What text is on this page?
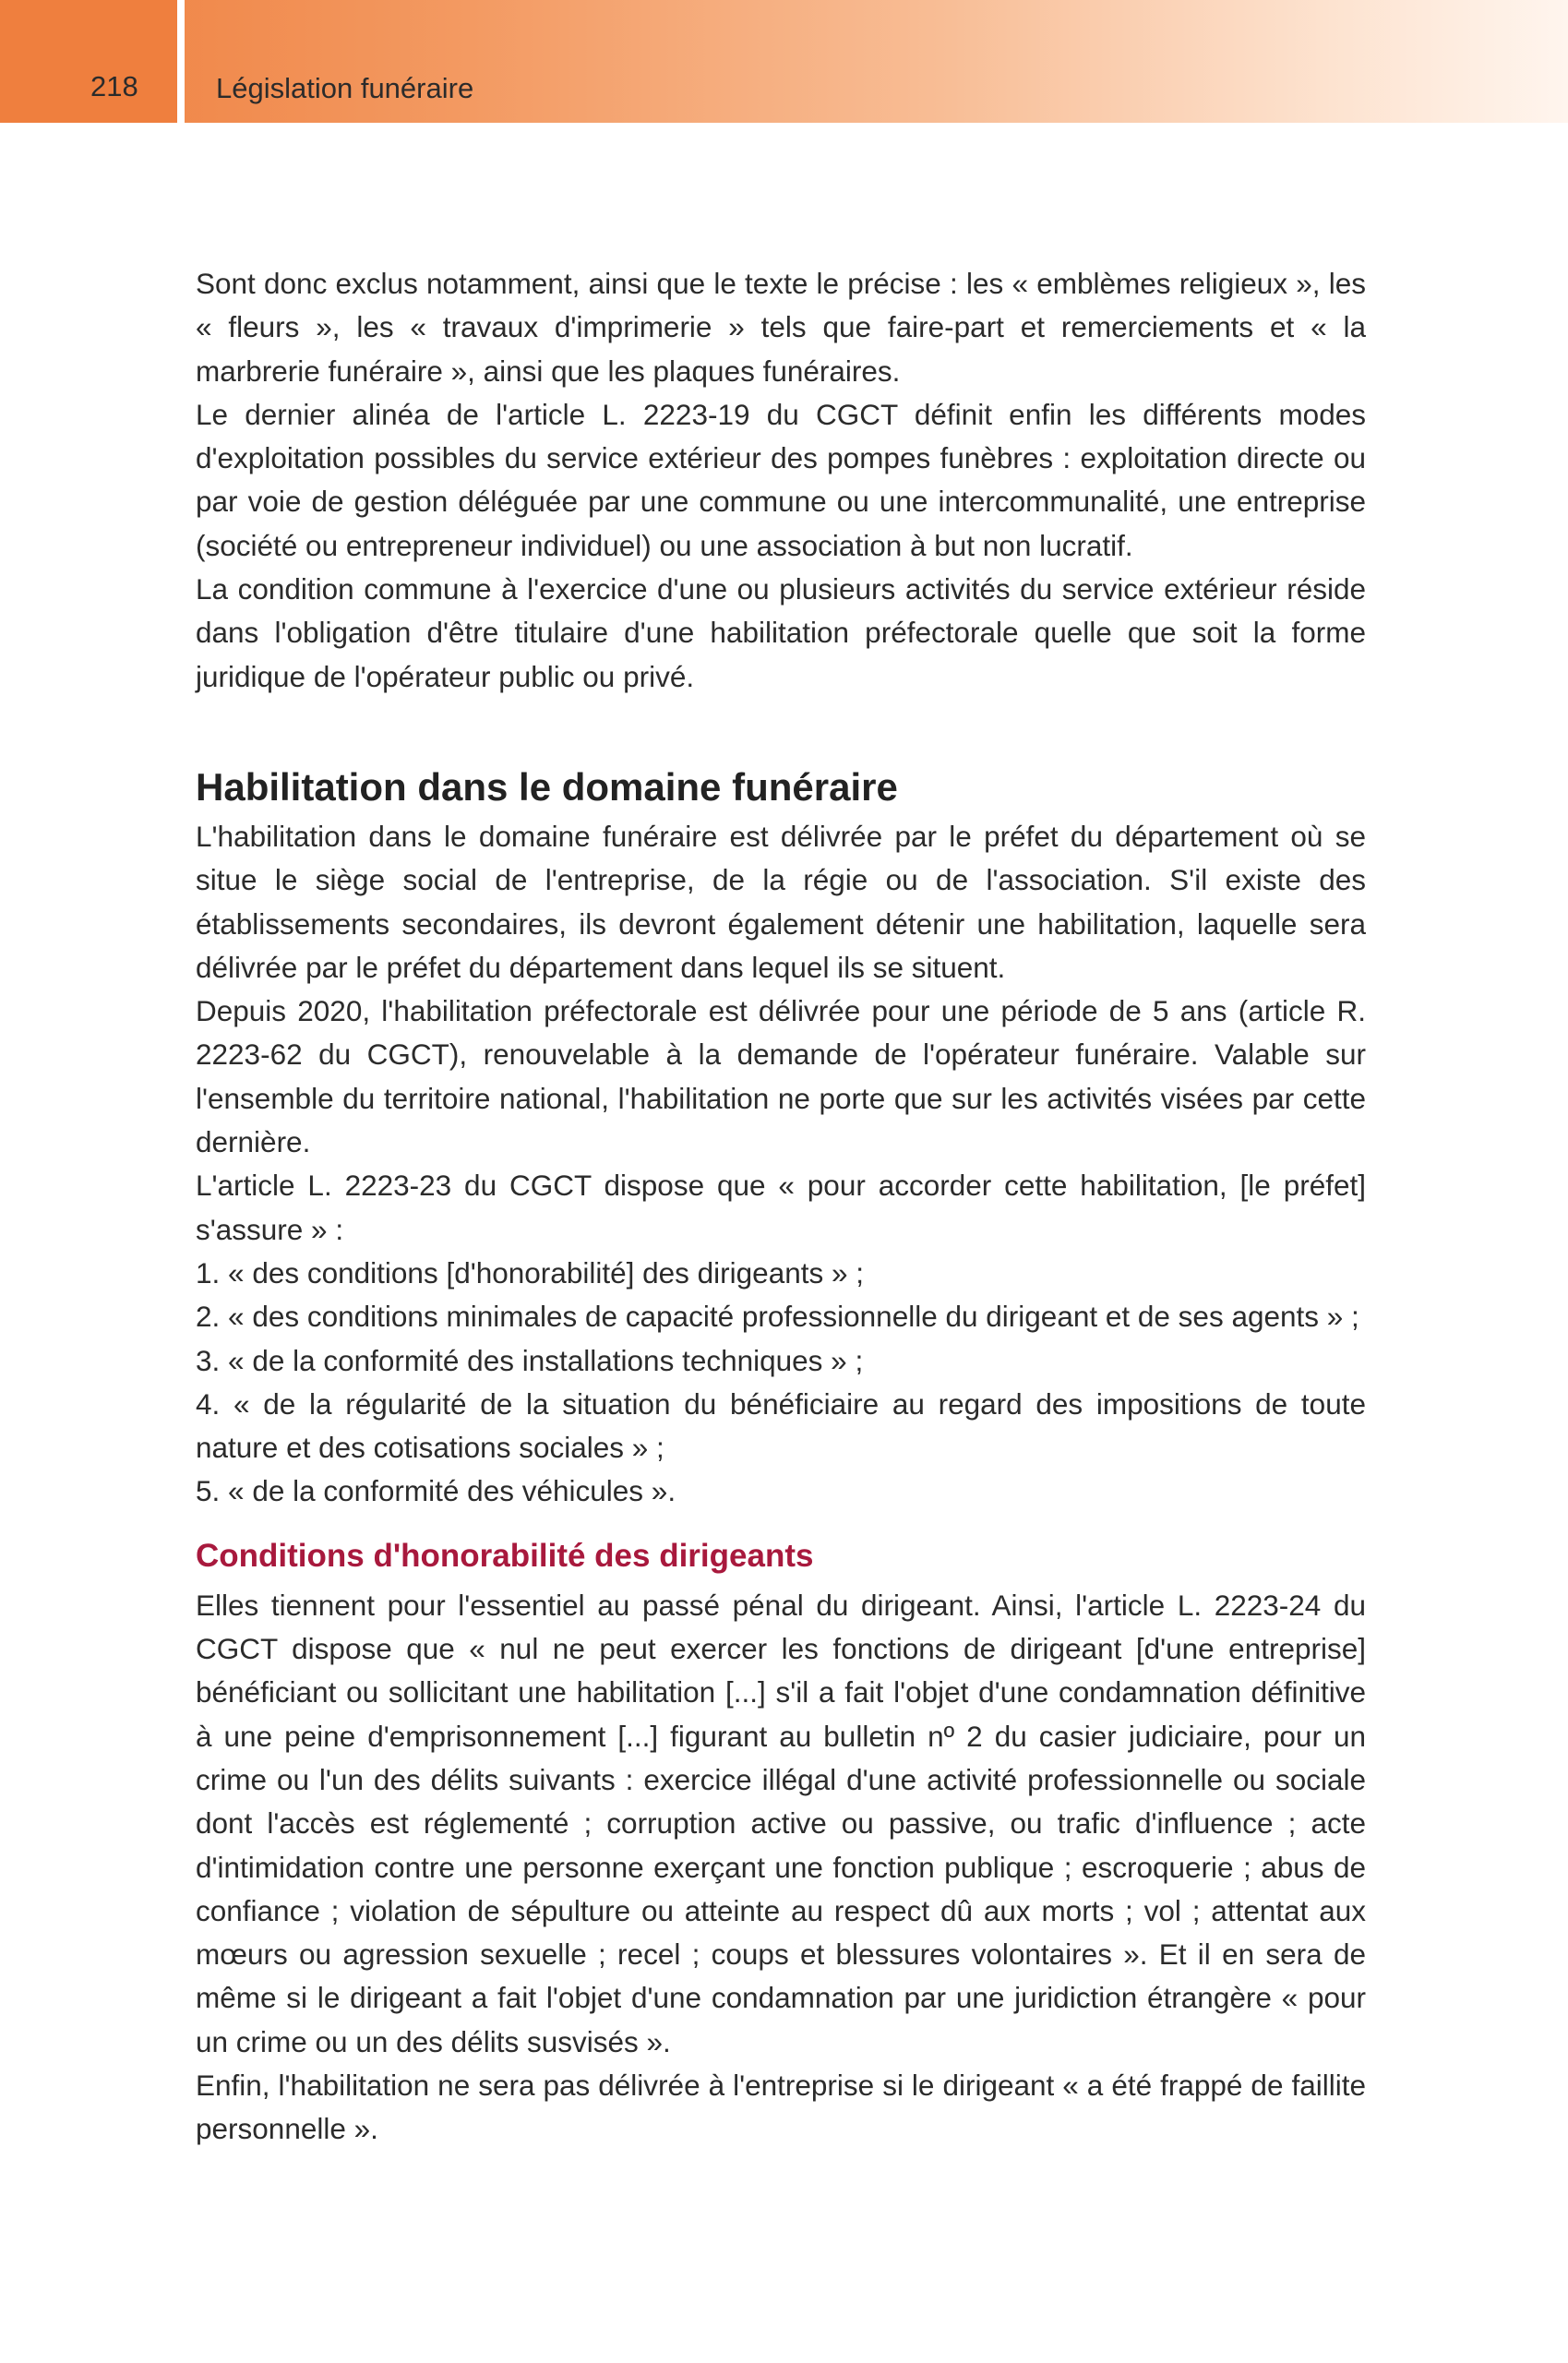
218	Législation funéraire

Sont donc exclus notamment, ainsi que le texte le précise : les « emblèmes religieux », les « fleurs », les « travaux d'imprimerie » tels que faire-part et remerciements et « la marbrerie funéraire », ainsi que les plaques funéraires.

Le dernier alinéa de l'article L. 2223-19 du CGCT définit enfin les différents modes d'exploitation possibles du service extérieur des pompes funèbres : exploitation directe ou par voie de gestion déléguée par une commune ou une intercommunalité, une entreprise (société ou entrepreneur individuel) ou une association à but non lucratif.

La condition commune à l'exercice d'une ou plusieurs activités du service extérieur réside dans l'obligation d'être titulaire d'une habilitation préfectorale quelle que soit la forme juridique de l'opérateur public ou privé.

Habilitation dans le domaine funéraire

L'habilitation dans le domaine funéraire est délivrée par le préfet du département où se situe le siège social de l'entreprise, de la régie ou de l'association. S'il existe des établissements secondaires, ils devront également détenir une habilitation, laquelle sera délivrée par le préfet du département dans lequel ils se situent.

Depuis 2020, l'habilitation préfectorale est délivrée pour une période de 5 ans (article R. 2223-62 du CGCT), renouvelable à la demande de l'opérateur funéraire. Valable sur l'ensemble du territoire national, l'habilitation ne porte que sur les activités visées par cette dernière.

L'article L. 2223-23 du CGCT dispose que « pour accorder cette habilitation, [le préfet] s'assure » :

1. « des conditions [d'honorabilité] des dirigeants » ;
2. « des conditions minimales de capacité professionnelle du dirigeant et de ses agents » ;
3. « de la conformité des installations techniques » ;
4. « de la régularité de la situation du bénéficiaire au regard des impositions de toute nature et des cotisations sociales » ;
5. « de la conformité des véhicules ».
Conditions d'honorabilité des dirigeants

Elles tiennent pour l'essentiel au passé pénal du dirigeant. Ainsi, l'article L. 2223-24 du CGCT dispose que « nul ne peut exercer les fonctions de dirigeant [d'une entreprise] bénéficiant ou sollicitant une habilitation [...] s'il a fait l'objet d'une condamnation définitive à une peine d'emprisonnement [...] figurant au bulletin nº 2 du casier judiciaire, pour un crime ou l'un des délits suivants : exercice illégal d'une activité professionnelle ou sociale dont l'accès est réglementé ; corruption active ou passive, ou trafic d'influence ; acte d'intimidation contre une personne exerçant une fonction publique ; escroquerie ; abus de confiance ; violation de sépulture ou atteinte au respect dû aux morts ; vol ; attentat aux mœurs ou agression sexuelle ; recel ; coups et blessures volontaires ». Et il en sera de même si le dirigeant a fait l'objet d'une condamnation par une juridiction étrangère « pour un crime ou un des délits susvisés ».

Enfin, l'habilitation ne sera pas délivrée à l'entreprise si le dirigeant « a été frappé de faillite personnelle ».
